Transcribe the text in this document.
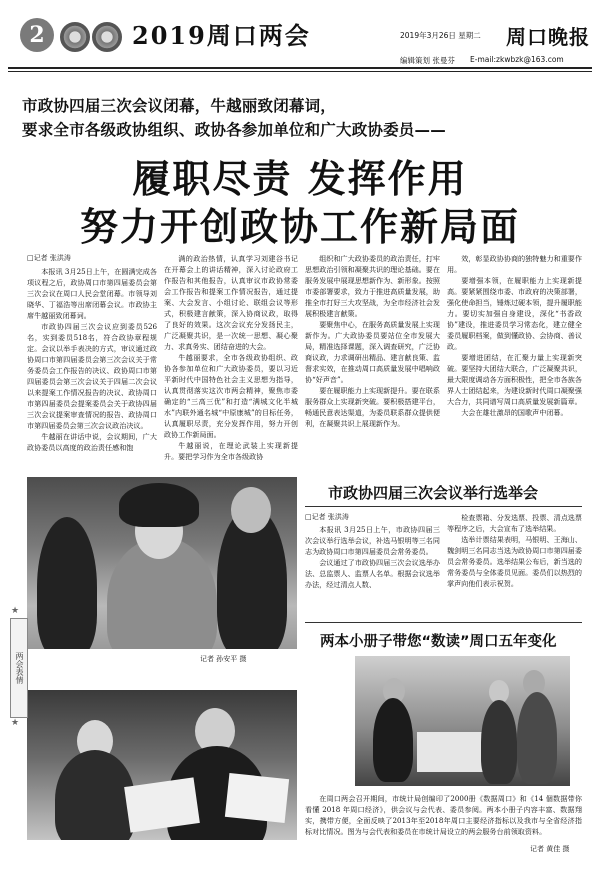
2	2019周口两会	2019年3月26日 星期二 周口晚报
编辑策划 张曼芬 E-mail:zkwbzk@163.com
市政协四届三次会议闭幕，牛越丽致闭幕词，
要求全市各级政协组织、政协各参加单位和广大政协委员——
履职尽责 发挥作用
努力开创政协工作新局面
□记者 张洪涛

本报讯 3月25日上午，在圆满完成各项议程之后，政协周口市第四届委员会第三次会议在周口人民会堂闭幕。市领导刘晓华、丁福浩等出席闭幕会议。市政协主席牛越丽致闭幕词。

市政协四届三次会议应到委员526名，实到委员518名，符合政协章程规定。会议以举手表决的方式，审议通过政协周口市第四届委员会第三次会议关于常务委员会工作报告的决议、政协周口市第四届委员会第三次会议关于四届二次会议以来提案工作情况报告的决议、政协周口市第四届委员会提案委员会关于政协四届三次会议提案审查情况的报告、政协周口市第四届委员会第三次会议政治决议。

牛越丽在讲话中说，会议期间，广大政协委员以高度的政治责任感和饱

满的政治热情，认真学习刘建谷书记在开幕会上的讲话精神，深入讨论政府工作报告和其他报告，认真审议市政协常委会工作报告和提案工作情况报告，通过提案、大会发言、小组讨论、联组会议等形式，积极建言献策，深入协商议政，取得了良好的效果。这次会议充分发扬民主，广泛凝聚共识，是一次统一思想、凝心聚力、求真务实、团结奋进的大会。

牛越丽要求，全市各级政协组织、政协各参加单位和广大政协委员，要以习近平新时代中国特色社会主义思想为指导，认真贯彻落实这次市两会精神，聚焦市委确定的“三高三优”和打造“满城文化半城水”内联外通名城“中原康城”的目标任务，认真履职尽责，充分发挥作用，努力开创政协工作新局面。

牛越丽说，在理论武装上实现新提升。要把学习作为全市各级政协

组织和广大政协委员的政治责任，打牢思想政治引领和凝聚共识的理论基础。要在服务发展中展现思想新作为、新形象。按照市委部署要求，致力于推进高质量发展，助推全市打好三大攻坚战，为全市经济社会发展积极建言献策。

要聚焦中心，在服务高质量发展上实现新作为。广大政协委员要站位全市发展大局，精准选择课题，深入调查研究，广泛协商议政，力求调研出精品、建言献良策、监督求实效，在推动周口高质量发展中唱响政协“好声音”。

要在履职能力上实现新提升。要在联系服务群众上实现新突破。要积极搭建平台，畅通民意表达渠道，为委员联系群众提供便利，在凝聚共识上展现新作为。

效，彰显政协协商的独特魅力和重要作用。

要增强本领，在履职能力上实现新提高。要紧紧围绕市委、市政府的决策部署，强化使命担当，锤炼过硬本领，提升履职能力。要切实加强自身建设，深化“书香政协”建设，推进委员学习常态化，建立健全委员履职档案，做到懂政协、会协商、善议政。

要增进团结，在汇聚力量上实现新突破。要坚持大团结大联合，广泛凝聚共识，最大限度调动各方面积极性，把全市各族各界人士团结起来，为建设新时代周口凝聚强大合力，共同谱写周口高质量发展新篇章。

大会在雄壮激昂的国歌声中闭幕。

记者 孙安平 摄
★
两会表情
★
市政协四届三次会议举行选举会
□记者 张洪涛

本报讯 3月25日上午，市政协四届三次会议举行选举会议，补选马银明等三名同志为政协周口市第四届委员会常务委员。

会议通过了市政协四届三次会议选举办法、总监票人、监票人名单。根据会议选举办法，经过清点人数、

检查票箱、分发选票、投票、清点选票等程序之后，大会宣布了选举结果。

选举计票结果表明，马银明、王海山、魏剑明三名同志当选为政协周口市第四届委员会常务委员。选举结果公布后，新当选的常务委员与全体委员见面。委员们以热烈的掌声向他们表示祝贺。

两本小册子带您“数读”周口五年变化

在周口两会召开期间，市统计局创编印了2000册《数据周口》和《14 個数据带你看懂 2018 年周口经济》，供会议与会代表、委员参阅。两本小册子内容丰富、数据翔实，携带方便，全面反映了2013年至2018年周口主要经济指标以及我市与全省经济指标对比情况。图为与会代表和委员在市统计局设立的两会服务台前领取资料。

记者 黄佳 摄
